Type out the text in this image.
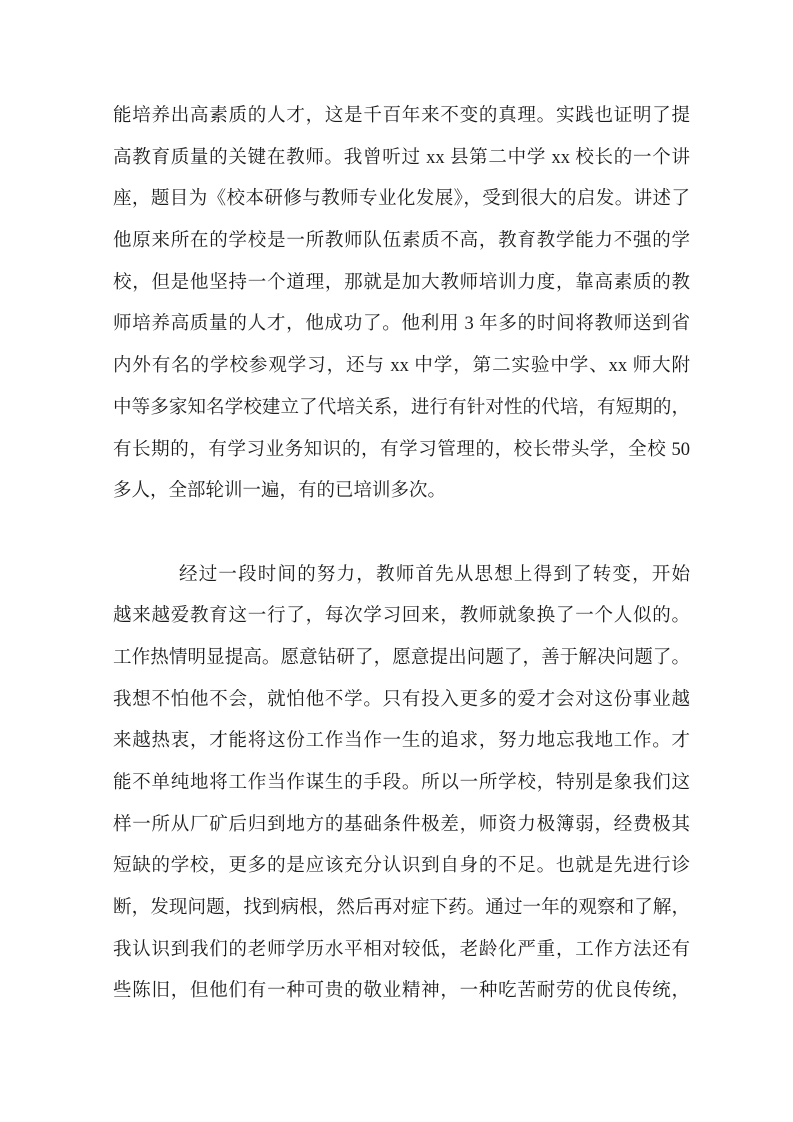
能培养出高素质的人才，这是千百年来不变的真理。实践也证明了提
高教育质量的关键在教师。我曾听过 xx 县第二中学 xx 校长的一个讲
座，题目为《校本研修与教师专业化发展》，受到很大的启发。讲述了
他原来所在的学校是一所教师队伍素质不高，教育教学能力不强的学
校，但是他坚持一个道理，那就是加大教师培训力度，靠高素质的教
师培养高质量的人才，他成功了。他利用 3 年多的时间将教师送到省
内外有名的学校参观学习，还与 xx 中学，第二实验中学、xx 师大附
中等多家知名学校建立了代培关系，进行有针对性的代培，有短期的，
有长期的，有学习业务知识的，有学习管理的，校长带头学，全校 50
多人，全部轮训一遍，有的已培训多次。
经过一段时间的努力，教师首先从思想上得到了转变，开始
越来越爱教育这一行了，每次学习回来，教师就象换了一个人似的。
工作热情明显提高。愿意钻研了，愿意提出问题了，善于解决问题了。
我想不怕他不会，就怕他不学。只有投入更多的爱才会对这份事业越
来越热衷，才能将这份工作当作一生的追求，努力地忘我地工作。才
能不单纯地将工作当作谋生的手段。所以一所学校，特别是象我们这
样一所从厂矿后归到地方的基础条件极差，师资力极簿弱，经费极其
短缺的学校，更多的是应该充分认识到自身的不足。也就是先进行诊
断，发现问题，找到病根，然后再对症下药。通过一年的观察和了解，
我认识到我们的老师学历水平相对较低，老龄化严重，工作方法还有
些陈旧，但他们有一种可贵的敬业精神，一种吃苦耐劳的优良传统，
